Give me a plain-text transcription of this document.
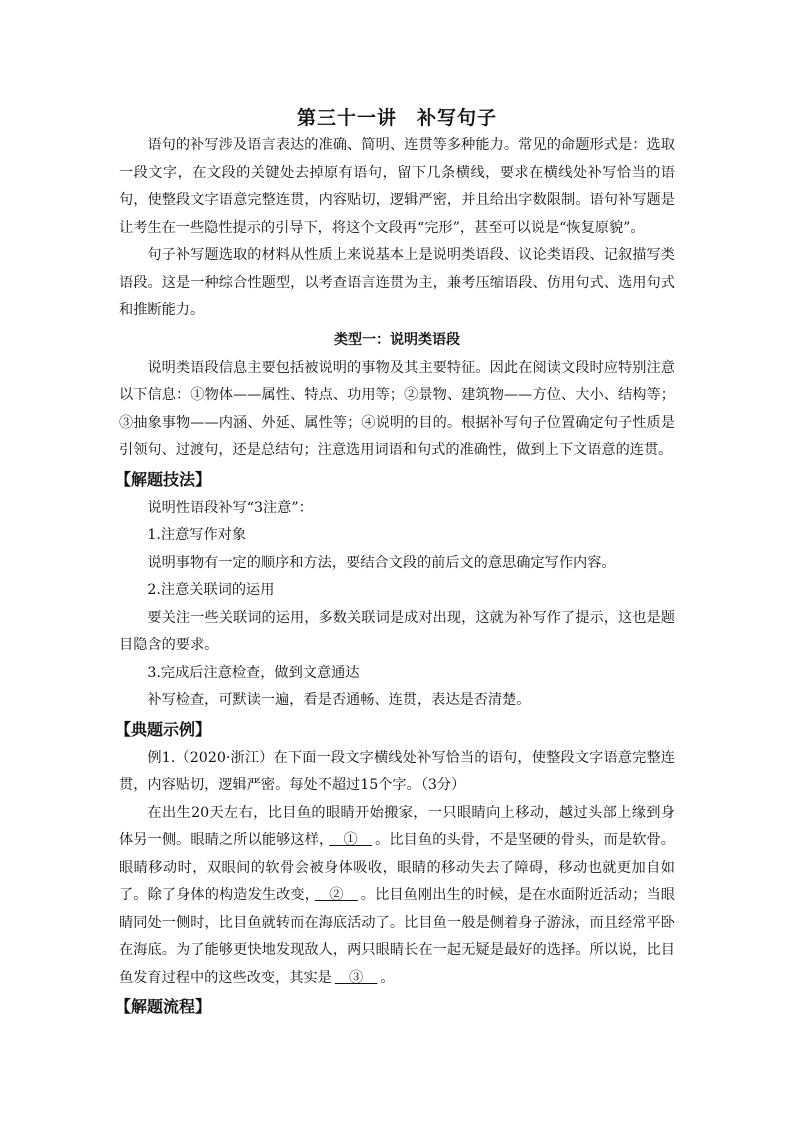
第三十一讲　补写句子

语句的补写涉及语言表达的准确、简明、连贯等多种能力。常见的命题形式是：选取一段文字，在文段的关键处去掉原有语句，留下几条横线，要求在横线处补写恰当的语句，使整段文字语意完整连贯，内容贴切，逻辑严密，并且给出字数限制。语句补写题是让考生在一些隐性提示的引导下，将这个文段再“完形”，甚至可以说是“恢复原貌”。

句子补写题选取的材料从性质上来说基本上是说明类语段、议论类语段、记叙描写类语段。这是一种综合性题型，以考查语言连贯为主，兼考压缩语段、仿用句式、选用句式和推断能力。

类型一：说明类语段

说明类语段信息主要包括被说明的事物及其主要特征。因此在阅读文段时应特别注意以下信息：①物体——属性、特点、功用等；②景物、建筑物——方位、大小、结构等；③抽象事物——内涵、外延、属性等；④说明的目的。根据补写句子位置确定句子性质是引领句、过渡句，还是总结句；注意选用词语和句式的准确性，做到上下文语意的连贯。

【解题技法】

说明性语段补写“3注意”：

1.注意写作对象

说明事物有一定的顺序和方法，要结合文段的前后文的意思确定写作内容。

2.注意关联词的运用

要关注一些关联词的运用，多数关联词是成对出现，这就为补写作了提示，这也是题目隐含的要求。

3.完成后注意检查，做到文意通达

补写检查，可默读一遍，看是否通畅、连贯，表达是否清楚。

【典题示例】

例1.（2020·浙江）在下面一段文字横线处补写恰当的语句，使整段文字语意完整连贯，内容贴切，逻辑严密。每处不超过15个字。（3分）

在出生20天左右，比目鱼的眼睛开始搬家，一只眼睛向上移动，越过头部上缘到身体另一侧。眼睛之所以能够这样，　①　。比目鱼的头骨，不是坚硬的骨头，而是软骨。眼睛移动时，双眼间的软骨会被身体吸收，眼睛的移动失去了障碍，移动也就更加自如了。除了身体的构造发生改变，　②　。比目鱼刚出生的时候，是在水面附近活动；当眼睛同处一侧时，比目鱼就转而在海底活动了。比目鱼一般是侧着身子游泳，而且经常平卧在海底。为了能够更快地发现敌人，两只眼睛长在一起无疑是最好的选择。所以说，比目鱼发育过程中的这些改变，其实是　③　。

【解题流程】
